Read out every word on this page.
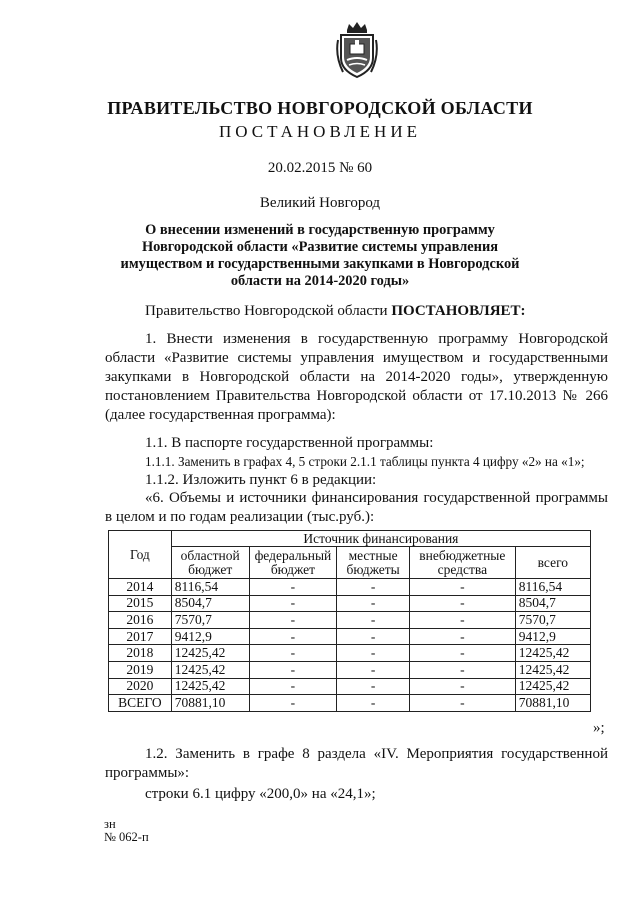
ПРАВИТЕЛЬСТВО НОВГОРОДСКОЙ ОБЛАСТИ
ПОСТАНОВЛЕНИЕ
20.02.2015 № 60
Великий Новгород
О внесении изменений в государственную программу Новгородской области «Развитие системы управления имуществом и государственными закупками в Новгородской области на 2014-2020 годы»
Правительство Новгородской области ПОСТАНОВЛЯЕТ:
1. Внести изменения в государственную программу Новгородской области «Развитие системы управления имуществом и государственными закупками в Новгородской области на 2014-2020 годы», утвержденную постановлением Правительства Новгородской области от 17.10.2013 № 266 (далее государственная программа):
1.1. В паспорте государственной программы:
1.1.1. Заменить в графах 4, 5 строки 2.1.1 таблицы пункта 4 цифру «2» на «1»;
1.1.2. Изложить пункт 6 в редакции:
«6. Объемы и источники финансирования государственной программы в целом и по годам реализации (тыс.руб.):
Год	Источник финансирования				
	областной бюджет	федеральный бюджет	местные бюджеты	внебюджетные средства	всего
2014	8116,54	-	-	-	8116,54
2015	8504,7	-	-	-	8504,7
2016	7570,7	-	-	-	7570,7
2017	9412,9	-	-	-	9412,9
2018	12425,42	-	-	-	12425,42
2019	12425,42	-	-	-	12425,42
2020	12425,42	-	-	-	12425,42
ВСЕГО	70881,10	-	-	-	70881,10
»;
1.2. Заменить в графе 8 раздела «IV. Мероприятия государственной программы»:
строки 6.1 цифру «200,0» на «24,1»;
зн
№ 062-п
